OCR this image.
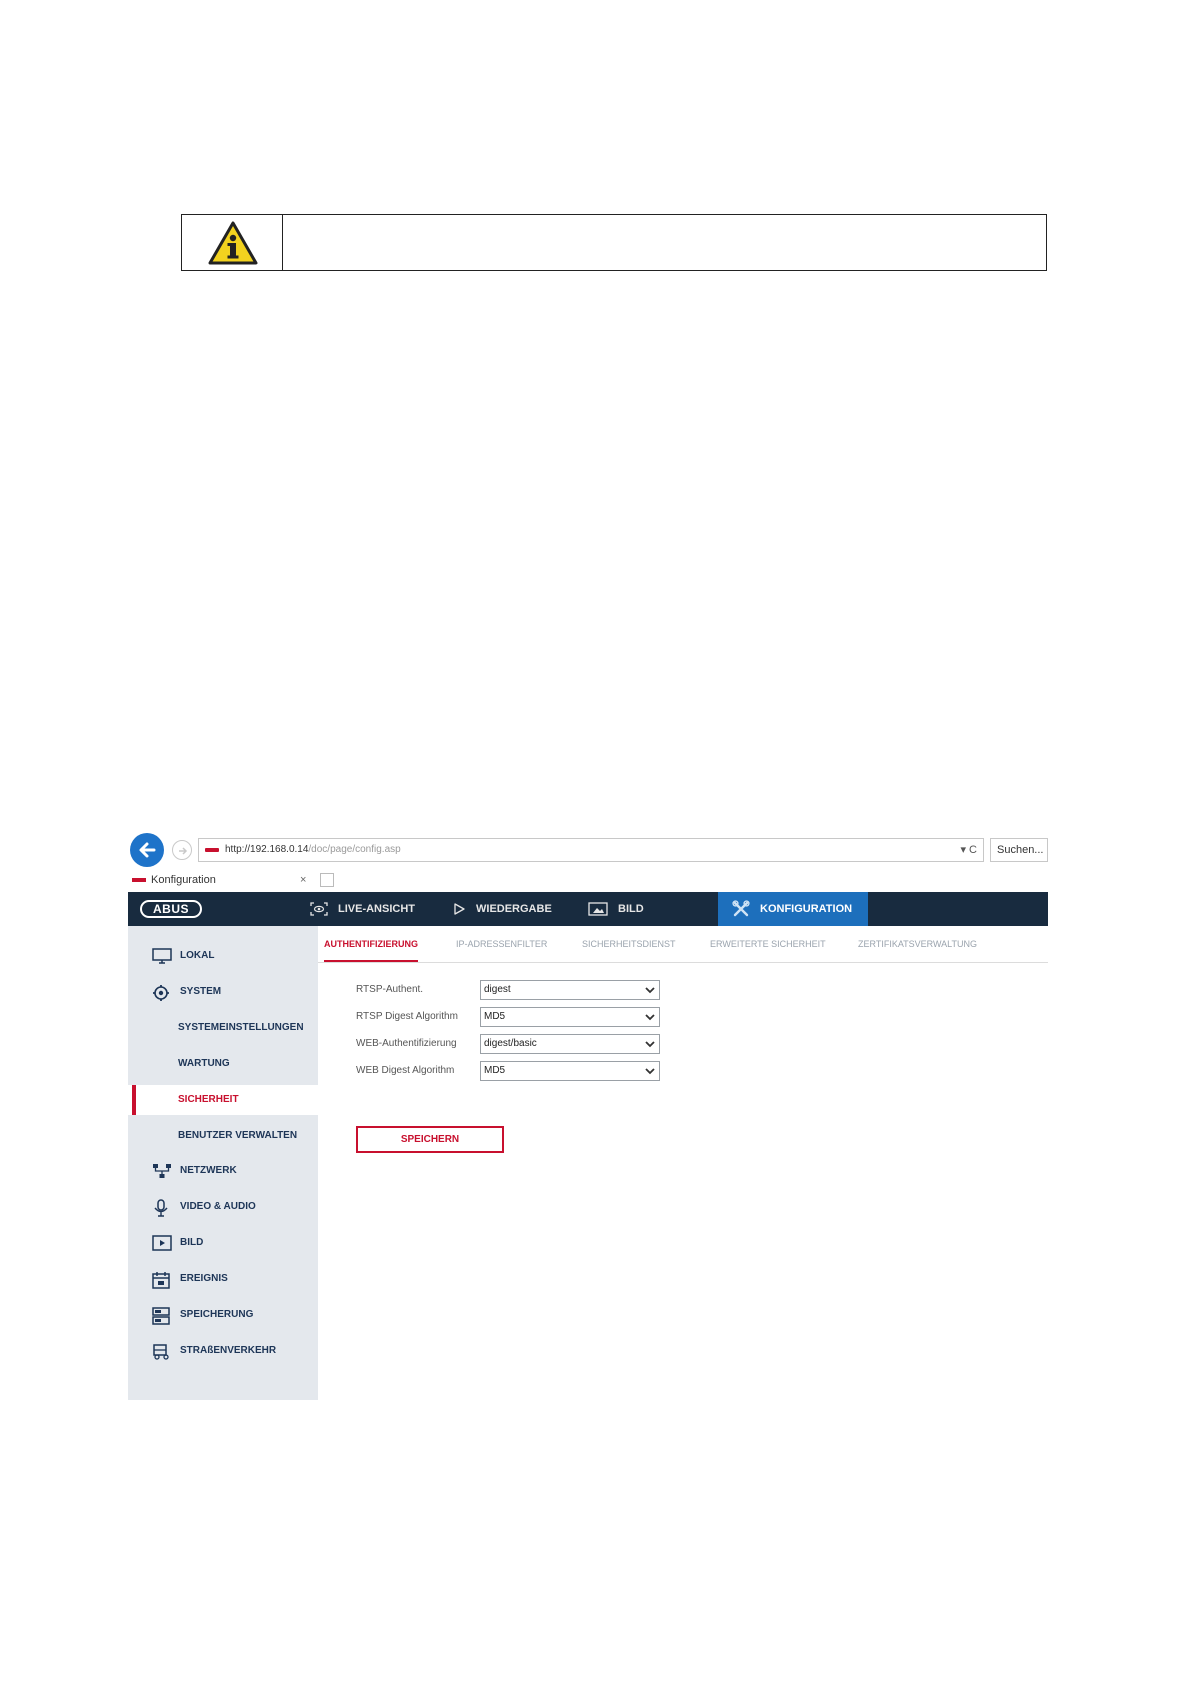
http://192.168.0.14/doc/page/config.asp	▾ C	Suchen...
Konfiguration	×
ABUS	LIVE-ANSICHT	WIEDERGABE	BILD	KONFIGURATION
LOKAL
SYSTEM
SYSTEMEINSTELLUNGEN
WARTUNG
SICHERHEIT
BENUTZER VERWALTEN
NETZWERK
VIDEO & AUDIO
BILD
EREIGNIS
SPEICHERUNG
STRAßENVERKEHR
AUTHENTIFIZIERUNG	IP-ADRESSENFILTER	SICHERHEITSDIENST	ERWEITERTE SICHERHEIT	ZERTIFIKATSVERWALTUNG
RTSP-Authent.	digest
RTSP Digest Algorithm	MD5
WEB-Authentifizierung	digest/basic
WEB Digest Algorithm	MD5
SPEICHERN
